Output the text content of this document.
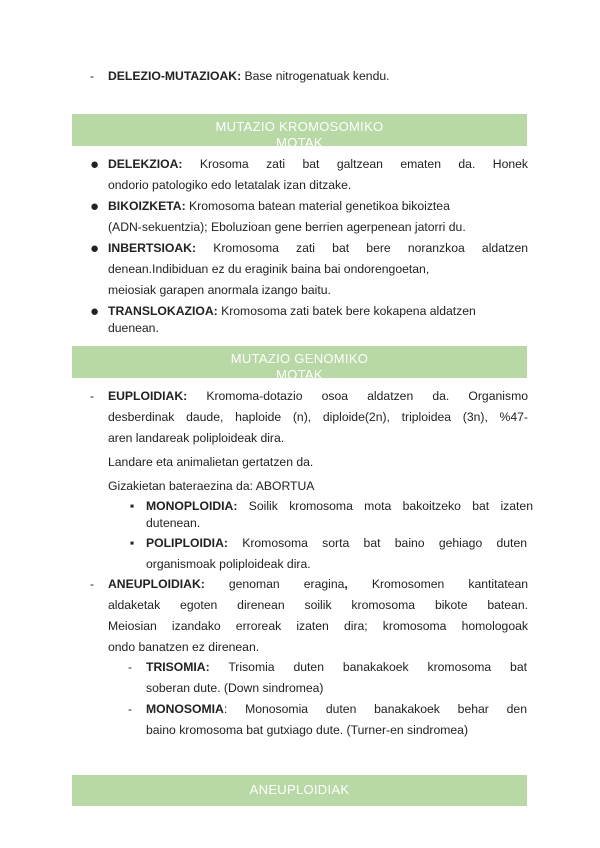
- DELEZIO-MUTAZIOAK: Base nitrogenatuak kendu.
MUTAZIO KROMOSOMIKO
MOTAK
● DELEKZIOA: Krosoma zati bat galtzean ematen da. Honek
ondorio patologiko edo letatalak izan ditzake.
● BIKOIZKETA: Kromosoma batean material genetikoa bikoiztea
(ADN-sekuentzia); Eboluzioan gene berrien agerpenean jatorri du.
● INBERTSIOAK: Kromosoma zati bat bere noranzkoa aldatzen
denean.Indibiduan ez du eraginik baina bai ondorengoetan,
meiosiak garapen anormala izango baitu.
● TRANSLOKAZIOA: Kromosoma zati batek bere kokapena aldatzen
duenean.
MUTAZIO GENOMIKO
MOTAK
- EUPLOIDIAK: Kromoma-dotazio osoa aldatzen da. Organismo
desberdinak daude, haploide (n), diploide(2n), triploidea (3n), %47-
aren landareak poliploideak dira.
Landare eta animalietan gertatzen da.
Gizakietan bateraezina da: ABORTUA
▪ MONOPLOIDIA: Soilik kromosoma mota bakoitzeko bat izaten
dutenean.
▪ POLIPLOIDIA: Kromosoma sorta bat baino gehiago duten
organismoak poliploideak dira.
- ANEUPLOIDIAK: genoman eragina, Kromosomen kantitatean
aldaketak egoten direnean soilik kromosoma bikote batean.
Meiosian izandako erroreak izaten dira; kromosoma homologoak
ondo banatzen ez direnean.
- TRISOMIA: Trisomia duten banakakoek kromosoma bat
soberan dute. (Down sindromea)
- MONOSOMIA: Monosomia duten banakakoek behar den
baino kromosoma bat gutxiago dute. (Turner-en sindromea)
ANEUPLOIDIAK
